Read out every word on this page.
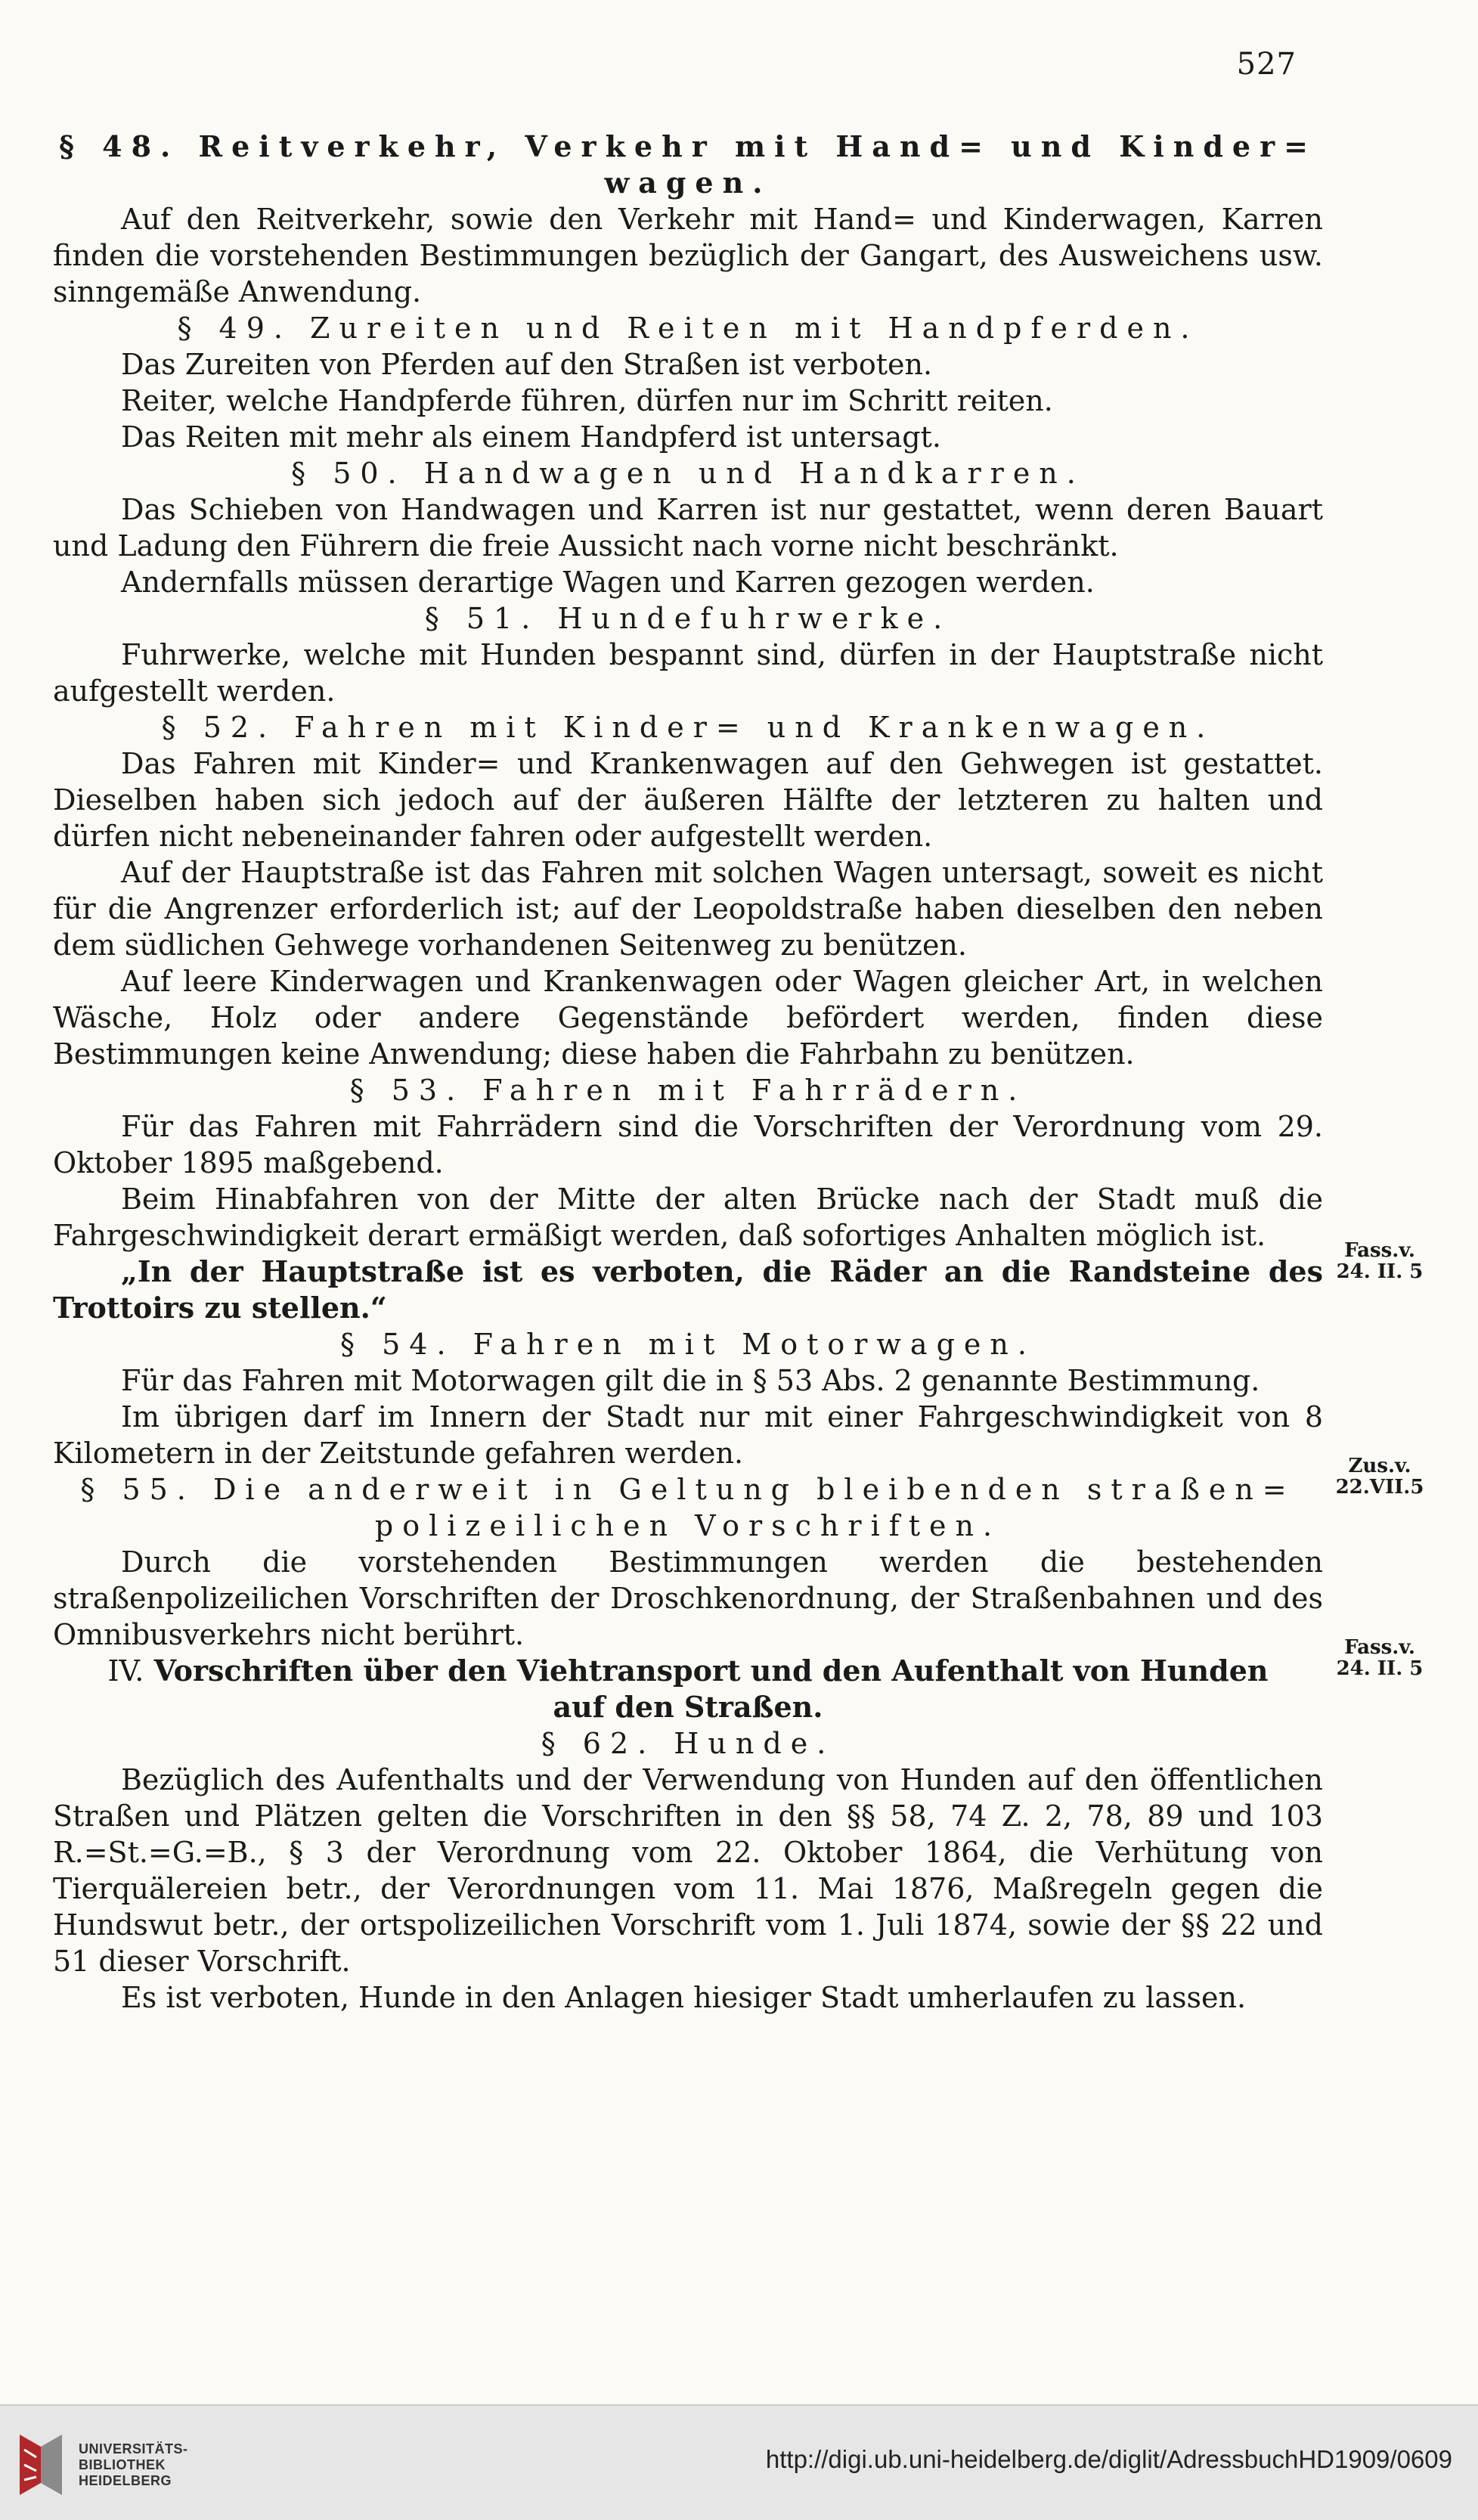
527

§ 48. Reitverkehr, Verkehr mit Hand= und Kinder=

wagen.

Auf den Reitverkehr, sowie den Verkehr mit Hand= und Kinderwagen, Karren finden die vorstehenden Bestimmungen bezüglich der Gangart, des Ausweichens usw. sinngemäße Anwendung.

§ 49. Zureiten und Reiten mit Handpferden.

Das Zureiten von Pferden auf den Straßen ist verboten.

Reiter, welche Handpferde führen, dürfen nur im Schritt reiten.

Das Reiten mit mehr als einem Handpferd ist untersagt.

§ 50. Handwagen und Handkarren.

Das Schieben von Handwagen und Karren ist nur gestattet, wenn deren Bauart und Ladung den Führern die freie Aussicht nach vorne nicht beschränkt.

Andernfalls müssen derartige Wagen und Karren gezogen werden.

§ 51. Hundefuhrwerke.

Fuhrwerke, welche mit Hunden bespannt sind, dürfen in der Hauptstraße nicht aufgestellt werden.

§ 52. Fahren mit Kinder= und Krankenwagen.

Das Fahren mit Kinder= und Krankenwagen auf den Gehwegen ist gestattet. Dieselben haben sich jedoch auf der äußeren Hälfte der letzteren zu halten und dürfen nicht nebeneinander fahren oder aufgestellt werden.

Auf der Hauptstraße ist das Fahren mit solchen Wagen untersagt, soweit es nicht für die Angrenzer erforderlich ist; auf der Leopoldstraße haben dieselben den neben dem südlichen Gehwege vorhandenen Seitenweg zu benützen.

Auf leere Kinderwagen und Krankenwagen oder Wagen gleicher Art, in welchen Wäsche, Holz oder andere Gegenstände befördert werden, finden diese Bestimmungen keine Anwendung; diese haben die Fahrbahn zu benützen.

§ 53. Fahren mit Fahrrädern.

Für das Fahren mit Fahrrädern sind die Vorschriften der Verordnung vom 29. Oktober 1895 maßgebend.

Beim Hinabfahren von der Mitte der alten Brücke nach der Stadt muß die Fahrgeschwindigkeit derart ermäßigt werden, daß sofortiges Anhalten möglich ist.

„In der Hauptstraße ist es verboten, die Räder an die Randsteine des Trottoirs zu stellen.“

§ 54. Fahren mit Motorwagen.

Für das Fahren mit Motorwagen gilt die in § 53 Abs. 2 genannte Bestimmung.

Im übrigen darf im Innern der Stadt nur mit einer Fahrgeschwindigkeit von 8 Kilometern in der Zeitstunde gefahren werden.

§ 55. Die anderweit in Geltung bleibenden straßen=

polizeilichen Vorschriften.

Durch die vorstehenden Bestimmungen werden die bestehenden straßenpolizeilichen Vorschriften der Droschkenordnung, der Straßenbahnen und des Omnibusverkehrs nicht berührt.

IV. Vorschriften über den Viehtransport und den Aufenthalt von Hunden

auf den Straßen.

§ 62. Hunde.

Bezüglich des Aufenthalts und der Verwendung von Hunden auf den öffentlichen Straßen und Plätzen gelten die Vorschriften in den §§ 58, 74 Z. 2, 78, 89 und 103 R.=St.=G.=B., § 3 der Verordnung vom 22. Oktober 1864, die Verhütung von Tierquälereien betr., der Verordnungen vom 11. Mai 1876, Maßregeln gegen die Hundswut betr., der ortspolizeilichen Vorschrift vom 1. Juli 1874, sowie der §§ 22 und 51 dieser Vorschrift.

Es ist verboten, Hunde in den Anlagen hiesiger Stadt umherlaufen zu lassen.

Fass.v.
24. II. 5
Zus.v.
22.VII.5
Fass.v.
24. II. 5
UNIVERSITÄTS-
BIBLIOTHEK
HEIDELBERG
http://digi.ub.uni-heidelberg.de/diglit/AdressbuchHD1909/0609
